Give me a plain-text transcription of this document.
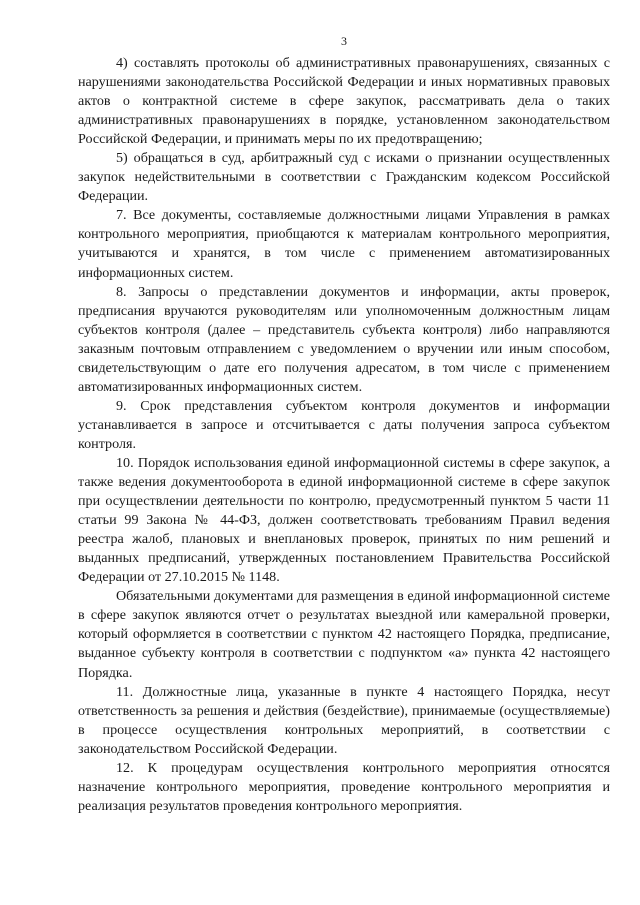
3

4) составлять протоколы об административных правонарушениях, связанных с нарушениями законодательства Российской Федерации и иных нормативных правовых актов о контрактной системе в сфере закупок, рассматривать дела о таких административных правонарушениях в порядке, установленном законодательством Российской Федерации, и принимать меры по их предотвращению;

5) обращаться в суд, арбитражный суд с исками о признании осуществленных закупок недействительными в соответствии с Гражданским кодексом Российской Федерации.

7. Все документы, составляемые должностными лицами Управления в рамках контрольного мероприятия, приобщаются к материалам контрольного мероприятия, учитываются и хранятся, в том числе с применением автоматизированных информационных систем.

8. Запросы о представлении документов и информации, акты проверок, предписания вручаются руководителям или уполномоченным должностным лицам субъектов контроля (далее – представитель субъекта контроля) либо направляются заказным почтовым отправлением с уведомлением о вручении или иным способом, свидетельствующим о дате его получения адресатом, в том числе с применением автоматизированных информационных систем.

9. Срок представления субъектом контроля документов и информации устанавливается в запросе и отсчитывается с даты получения запроса субъектом контроля.

10. Порядок использования единой информационной системы в сфере закупок, а также ведения документооборота в единой информационной системе в сфере закупок при осуществлении деятельности по контролю, предусмотренный пунктом 5 части 11 статьи 99 Закона № 44-ФЗ, должен соответствовать требованиям Правил ведения реестра жалоб, плановых и внеплановых проверок, принятых по ним решений и выданных предписаний, утвержденных постановлением Правительства Российской Федерации от 27.10.2015 № 1148.

Обязательными документами для размещения в единой информационной системе в сфере закупок являются отчет о результатах выездной или камеральной проверки, который оформляется в соответствии с пунктом 42 настоящего Порядка, предписание, выданное субъекту контроля в соответствии с подпунктом «а» пункта 42 настоящего Порядка.

11. Должностные лица, указанные в пункте 4 настоящего Порядка, несут ответственность за решения и действия (бездействие), принимаемые (осуществляемые) в процессе осуществления контрольных мероприятий, в соответствии с законодательством Российской Федерации.

12. К процедурам осуществления контрольного мероприятия относятся назначение контрольного мероприятия, проведение контрольного мероприятия и реализация результатов проведения контрольного мероприятия.
